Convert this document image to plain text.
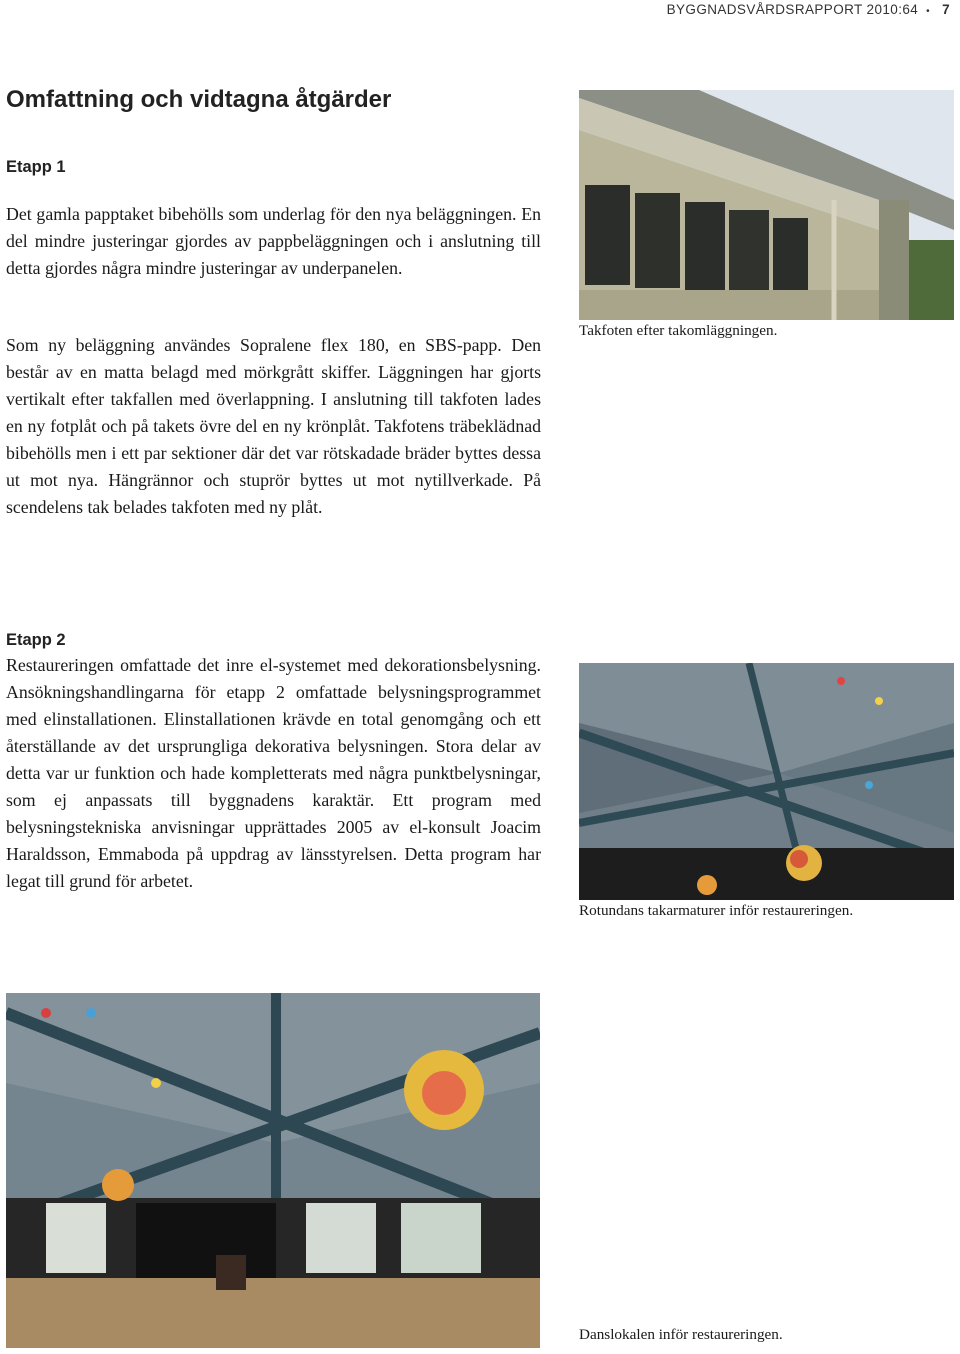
BYGGNADSVÅRDSRAPPORT 2010:64 • 7
Omfattning och vidtagna åtgärder
Etapp 1

Det gamla papptaket bibehölls som underlag för den nya beläggningen. En del mindre justeringar gjordes av pappbeläggningen och i anslutning till detta gjordes några mindre justeringar av underpanelen.

Som ny beläggning användes Sopralene flex 180, en SBS-papp. Den består av en matta belagd med mörkgrått skiffer. Läggningen har gjorts vertikalt efter takfallen med överlappning. I anslutning till takfoten lades en ny fotplåt och på takets övre del en ny krönplåt. Takfotens träbeklädnad bibehölls men i ett par sektioner där det var rötskadade bräder byttes dessa ut mot nya. Hängrännor och stuprör byttes ut mot nytillverkade. På scendelens tak belades takfoten med ny plåt.

Etapp 2

Restaureringen omfattade det inre el-systemet med dekorationsbelysning. Ansökningshandlingarna för etapp 2 omfattade belysningsprogrammet med elinstallationen. Elinstallationen krävde en total genomgång och ett återställande av det ursprungliga dekorativa belysningen. Stora delar av detta var ur funktion och hade kompletterats med några punktbelysningar, som ej anpassats till byggnadens karaktär. Ett program med belysningstekniska anvisningar upprättades 2005 av el-konsult Joacim Haraldsson, Emmaboda på uppdrag av länsstyrelsen. Detta program har legat till grund för arbetet.

Takfoten efter takomläggningen.

Rotundans takarmaturer inför restaureringen.

Danslokalen inför restaureringen.
